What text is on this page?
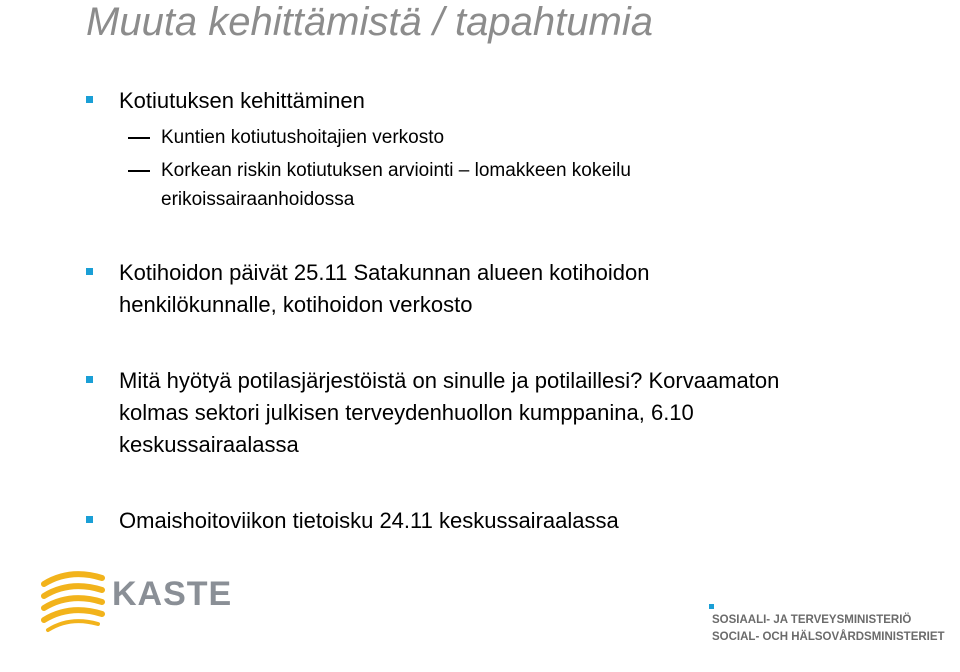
Muuta kehittämistä / tapahtumia
Kotiutuksen kehittäminen
Kuntien kotiutushoitajien verkosto
Korkean riskin kotiutuksen arviointi – lomakkeen kokeilu erikoissairaanhoidossa
Kotihoidon päivät 25.11 Satakunnan alueen kotihoidon henkilökunnalle, kotihoidon verkosto
Mitä hyötyä potilasjärjestöistä on sinulle ja potilaillesi? Korvaamaton kolmas sektori julkisen terveydenhuollon kumppanina, 6.10 keskussairaalassa
Omaishoitoviikon tietoisku 24.11 keskussairaalassa
KASTE
SOSIAALI- JA TERVEYSMINISTERIÖ
SOCIAL- OCH HÄLSOVÅRDSMINISTERIET
